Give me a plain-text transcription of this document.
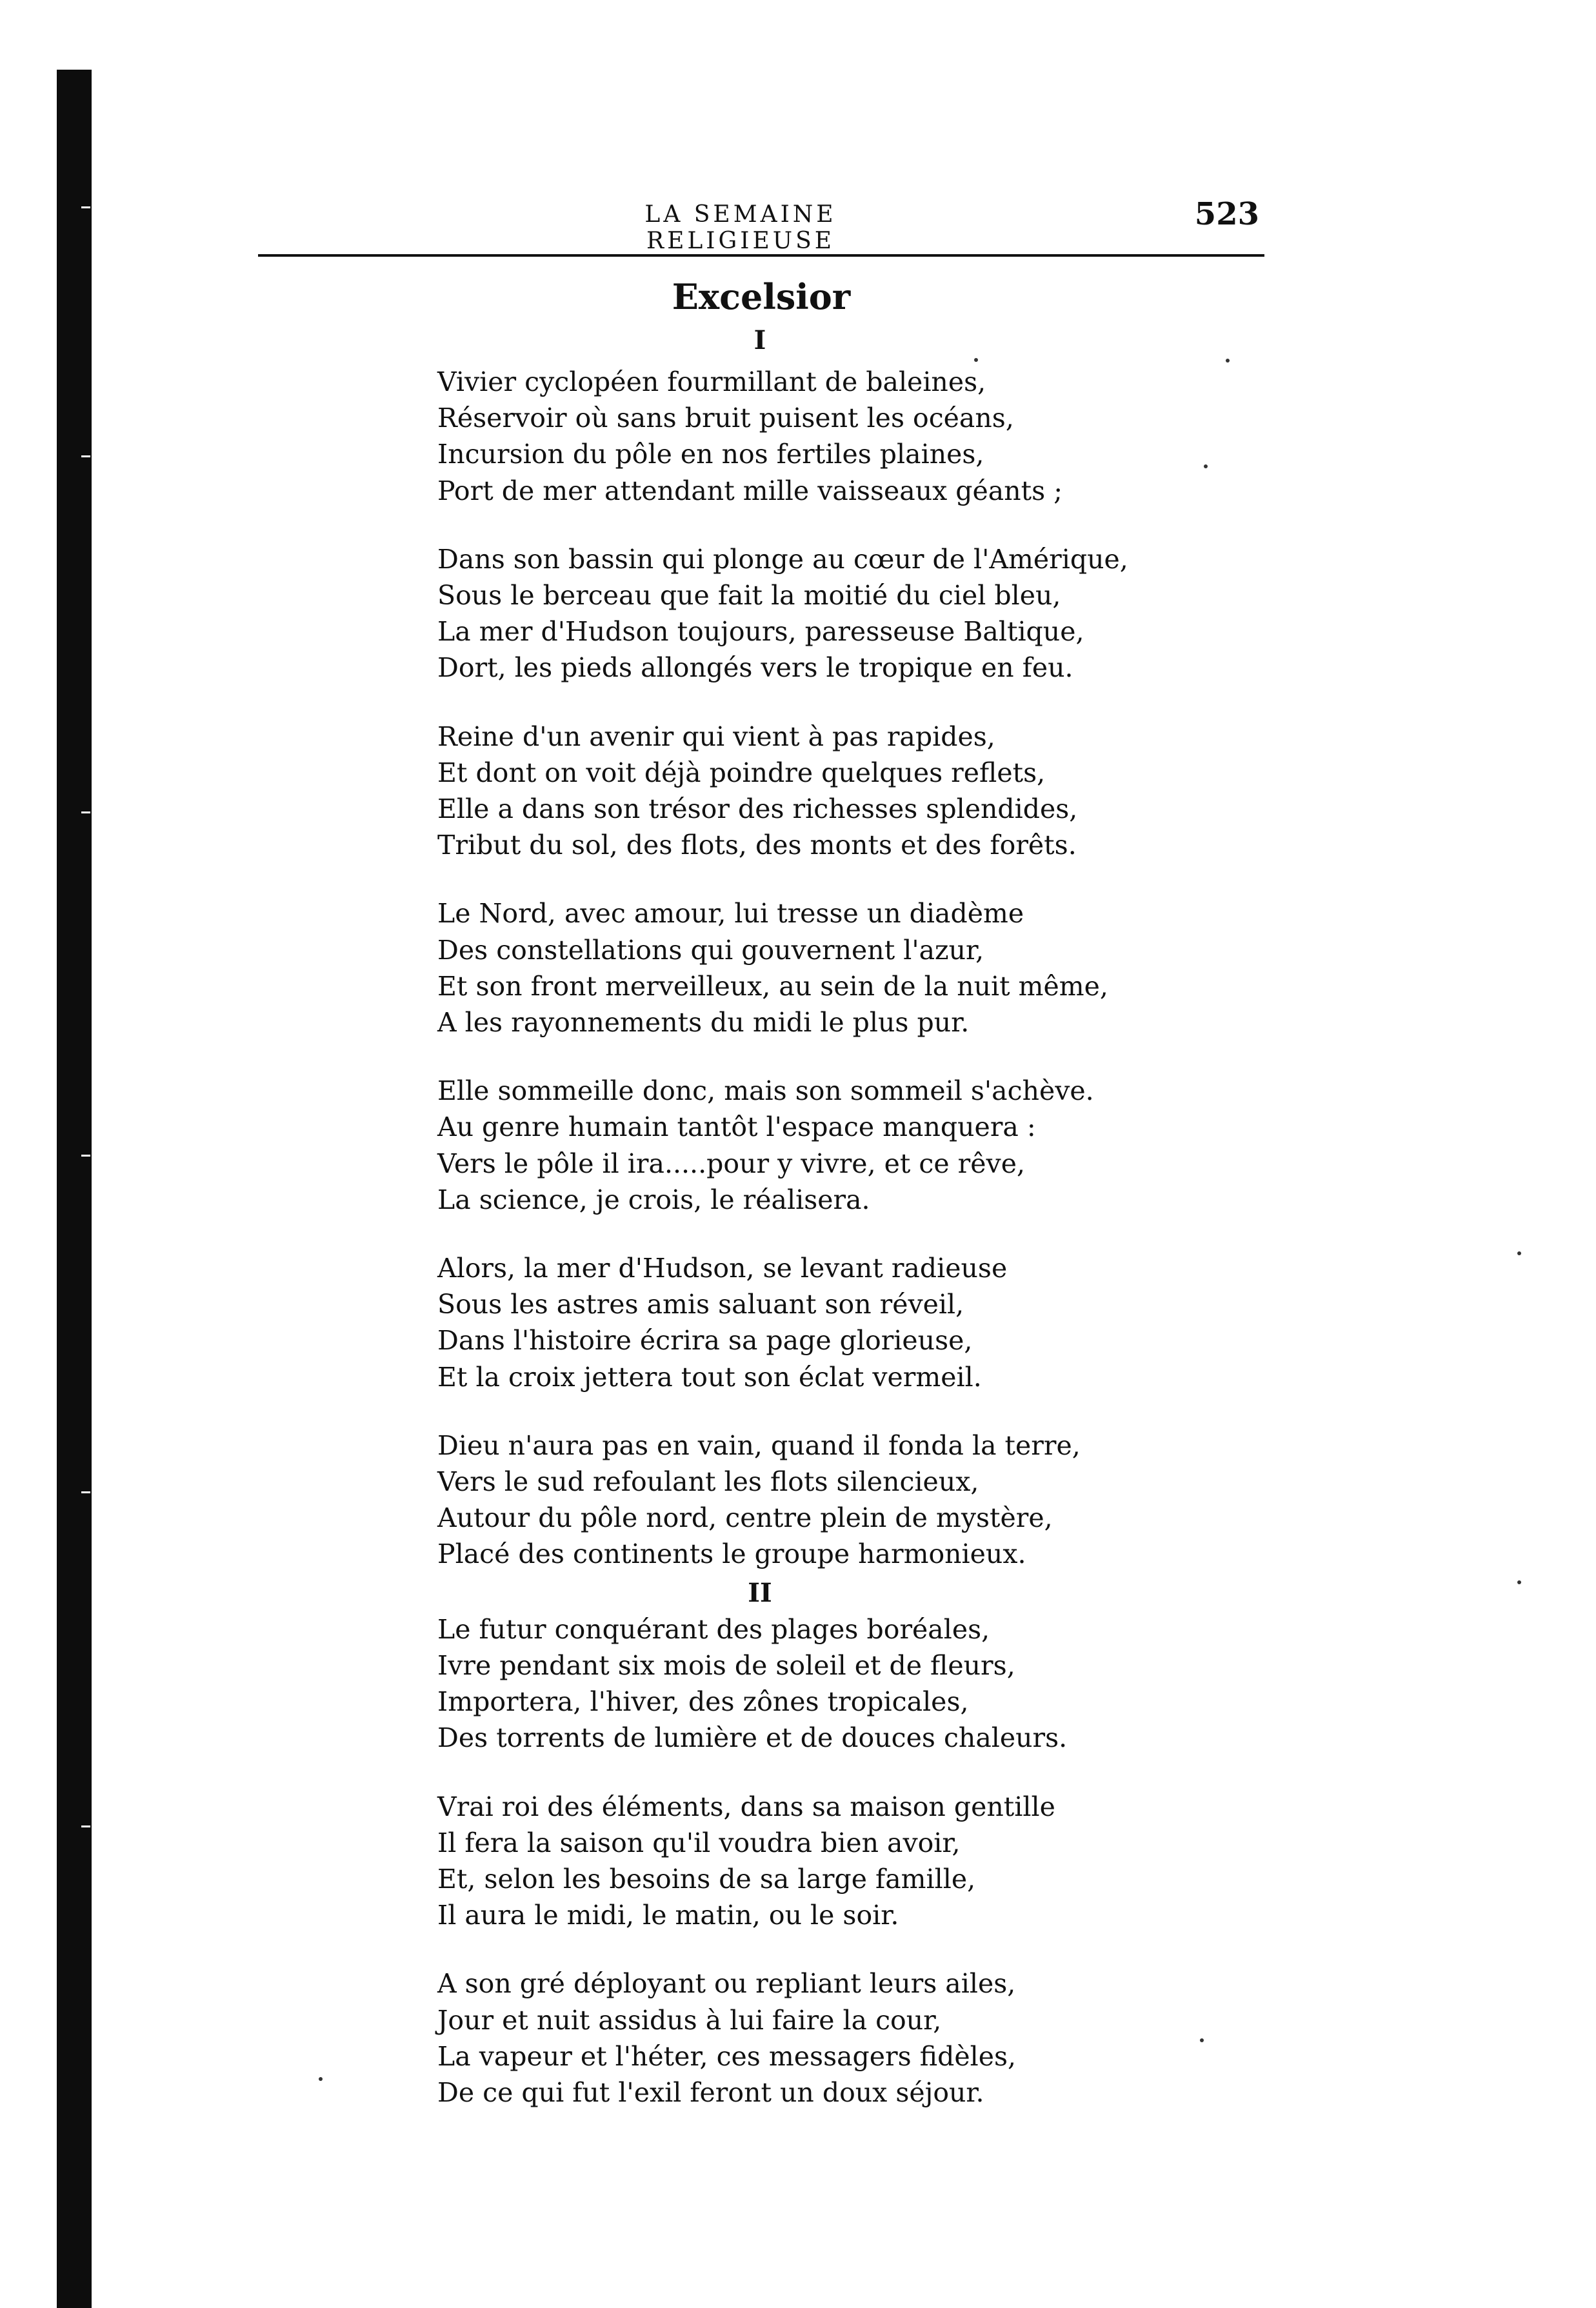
LA SEMAINE RELIGIEUSE
523
Excelsior
I
Vivier cyclopéen fourmillant de baleines,
Réservoir où sans bruit puisent les océans,
Incursion du pôle en nos fertiles plaines,
Port de mer attendant mille vaisseaux géants ;
Dans son bassin qui plonge au cœur de l'Amérique,
Sous le berceau que fait la moitié du ciel bleu,
La mer d'Hudson toujours, paresseuse Baltique,
Dort, les pieds allongés vers le tropique en feu.
Reine d'un avenir qui vient à pas rapides,
Et dont on voit déjà poindre quelques reflets,
Elle a dans son trésor des richesses splendides,
Tribut du sol, des flots, des monts et des forêts.
Le Nord, avec amour, lui tresse un diadème
Des constellations qui gouvernent l'azur,
Et son front merveilleux, au sein de la nuit même,
A les rayonnements du midi le plus pur.
Elle sommeille donc, mais son sommeil s'achève.
Au genre humain tantôt l'espace manquera :
Vers le pôle il ira.....pour y vivre, et ce rêve,
La science, je crois, le réalisera.
Alors, la mer d'Hudson, se levant radieuse
Sous les astres amis saluant son réveil,
Dans l'histoire écrira sa page glorieuse,
Et la croix jettera tout son éclat vermeil.
Dieu n'aura pas en vain, quand il fonda la terre,
Vers le sud refoulant les flots silencieux,
Autour du pôle nord, centre plein de mystère,
Placé des continents le groupe harmonieux.
II
Le futur conquérant des plages boréales,
Ivre pendant six mois de soleil et de fleurs,
Importera, l'hiver, des zônes tropicales,
Des torrents de lumière et de douces chaleurs.
Vrai roi des éléments, dans sa maison gentille
Il fera la saison qu'il voudra bien avoir,
Et, selon les besoins de sa large famille,
Il aura le midi, le matin, ou le soir.
A son gré déployant ou repliant leurs ailes,
Jour et nuit assidus à lui faire la cour,
La vapeur et l'héter, ces messagers fidèles,
De ce qui fut l'exil feront un doux séjour.
